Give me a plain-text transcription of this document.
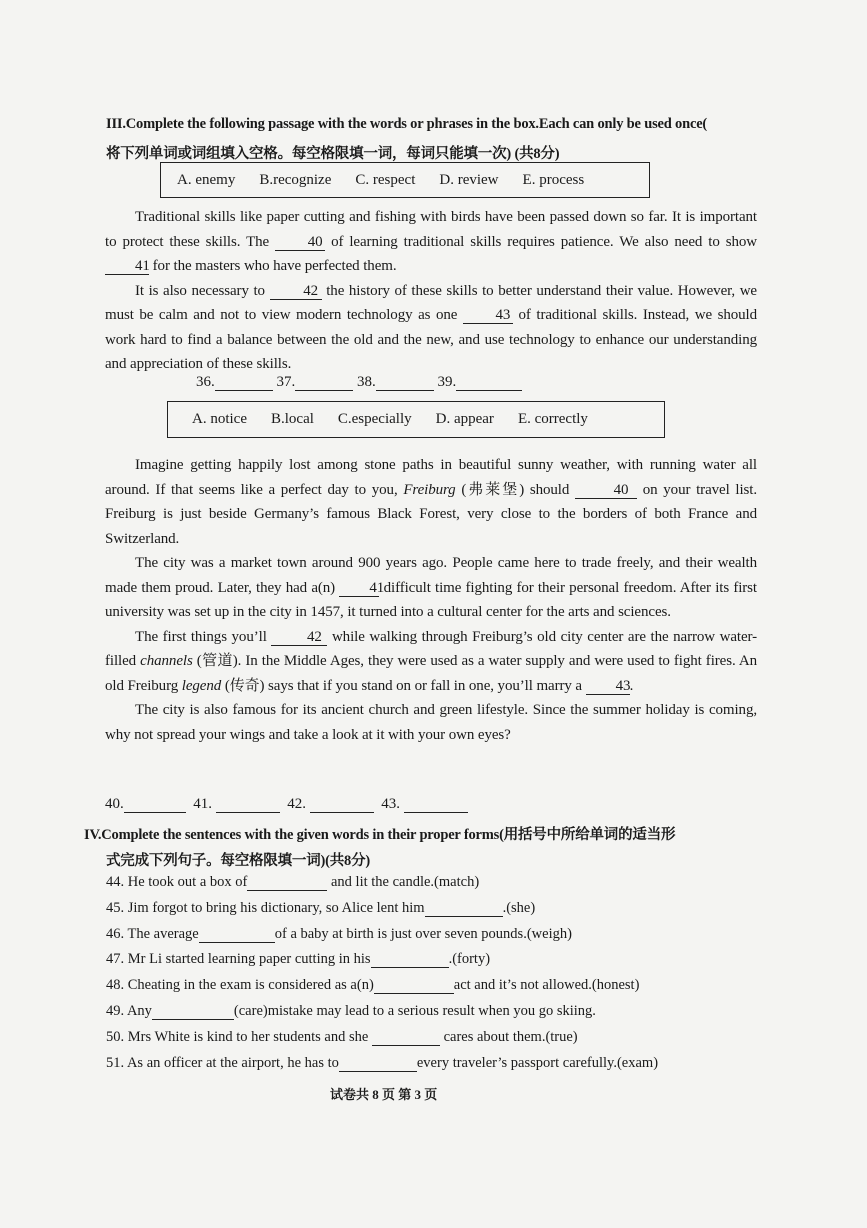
III.Complete the following passage with the words or phrases in the box.Each can only be used once(
将下列单词或词组填入空格。每空格限填一词，每词只能填一次) (共8分)
A. enemy B.recognize C. respect D. review E. process

Traditional skills like paper cutting and fishing with birds have been passed down so far. It is important to protect these skills. The	40 of learning traditional skills requires patience. We also need to show 41 for the masters who have perfected them.

It is also necessary to	42 the history of these skills to better understand their value. However, we must be calm and not to view modern technology as one	43 of traditional skills. Instead, we should work hard to find a balance between the old and the new, and use technology to enhance our understanding and appreciation of these skills.

36.	37.	38.	39.
A. notice B.local C.especially D. appear E. correctly

Imagine getting happily lost among stone paths in beautiful sunny weather, with running water all around. If that seems like a perfect day to you, Freiburg (弗莱堡) should	40 on your travel list. Freiburg is just beside Germany’s famous Black Forest, very close to the borders of both France and Switzerland.

The city was a market town around 900 years ago. People came here to trade freely, and their wealth made them proud. Later, they had a(n) 41 difficult time fighting for their personal freedom. After its first university was set up in the city in 1457, it turned into a cultural center for the arts and sciences.

The first things you’ll	42 while walking through Freiburg’s old city center are the narrow water-filled channels (管道). In the Middle Ages, they were used as a water supply and were used to fight fires. An old Freiburg legend (传奇) says that if you stand on or fall in one, you’ll marry a 43.

The city is also famous for its ancient church and green lifestyle. Since the summer holiday is coming, why not spread your wings and take a look at it with your own eyes?

40.	41.	42.	43.
IV.Complete the sentences with the given words in their proper forms(用括号中所给单词的适当形
式完成下列句子。每空格限填一词)(共8分)
44. He took out a box of	and lit the candle.(match)
45. Jim forgot to bring his dictionary, so Alice lent him	.(she)
46. The average	of a baby at birth is just over seven pounds.(weigh)
47. Mr Li started learning paper cutting in his	.(forty)
48. Cheating in the exam is considered as a(n)	act and it’s not allowed.(honest)
49. Any	(care)mistake may lead to a serious result when you go skiing.
50. Mrs White is kind to her students and she	cares about them.(true)
51. As an officer at the airport, he has to	every traveler’s passport carefully.(exam)
试卷共 8 页 第 3 页
